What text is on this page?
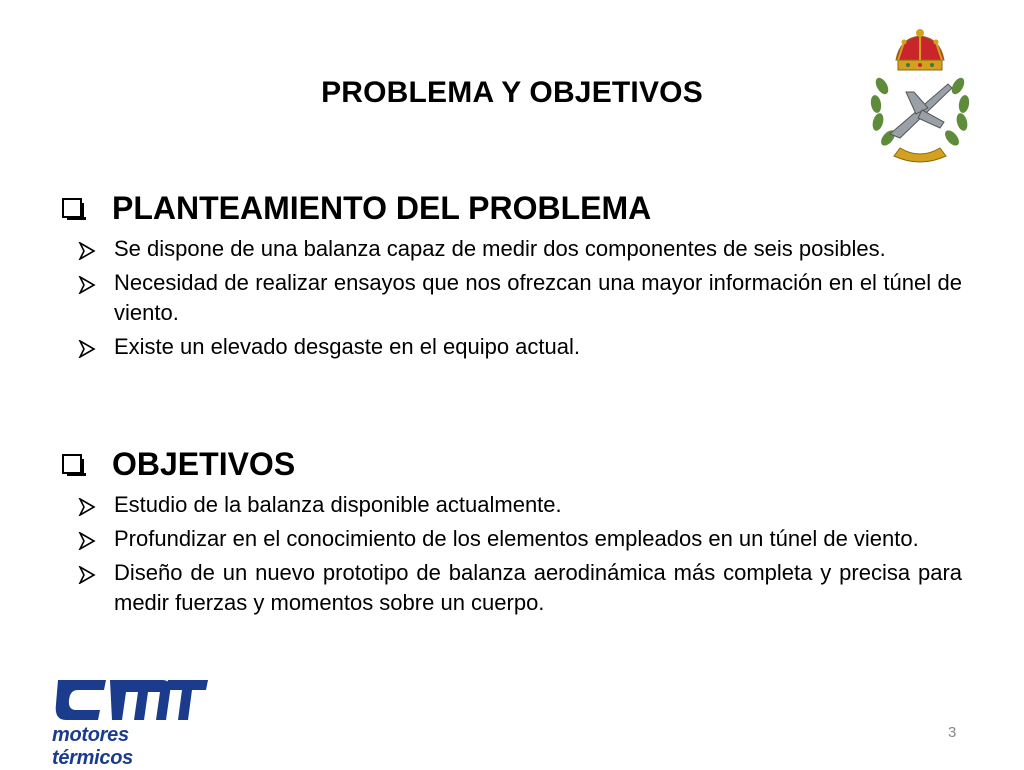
PROBLEMA Y OBJETIVOS
PLANTEAMIENTO DEL PROBLEMA
Se dispone de una balanza capaz de medir dos componentes de seis posibles.
Necesidad de realizar ensayos que nos ofrezcan una mayor información en el túnel de viento.
Existe un elevado desgaste en el equipo actual.
OBJETIVOS
Estudio de la balanza disponible actualmente.
Profundizar en el conocimiento de los elementos empleados en un túnel de viento.
Diseño de un nuevo prototipo de balanza aerodinámica más completa y precisa para medir fuerzas y momentos sobre un cuerpo.
motores térmicos
3
